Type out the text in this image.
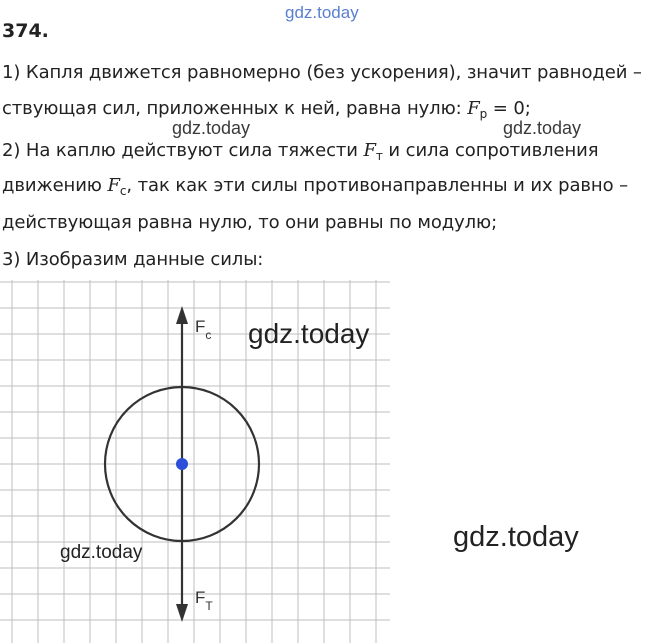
gdz.today
374.
1) Капля движется равномерно (без ускорения), значит равнодей –
ствующая сил, приложенных к ней, равна нулю: $F_р = 0$;
gdz.today	gdz.today
2) На каплю действуют сила тяжести $F_т$ и сила сопротивления
движению $F_c$, так как эти силы противонаправленны и их равно –
действующая равна нулю, то они равны по модулю;
3) Изобразим данные силы:
$F_c$
$F_T$
gdz.today
gdz.today
gdz.today
